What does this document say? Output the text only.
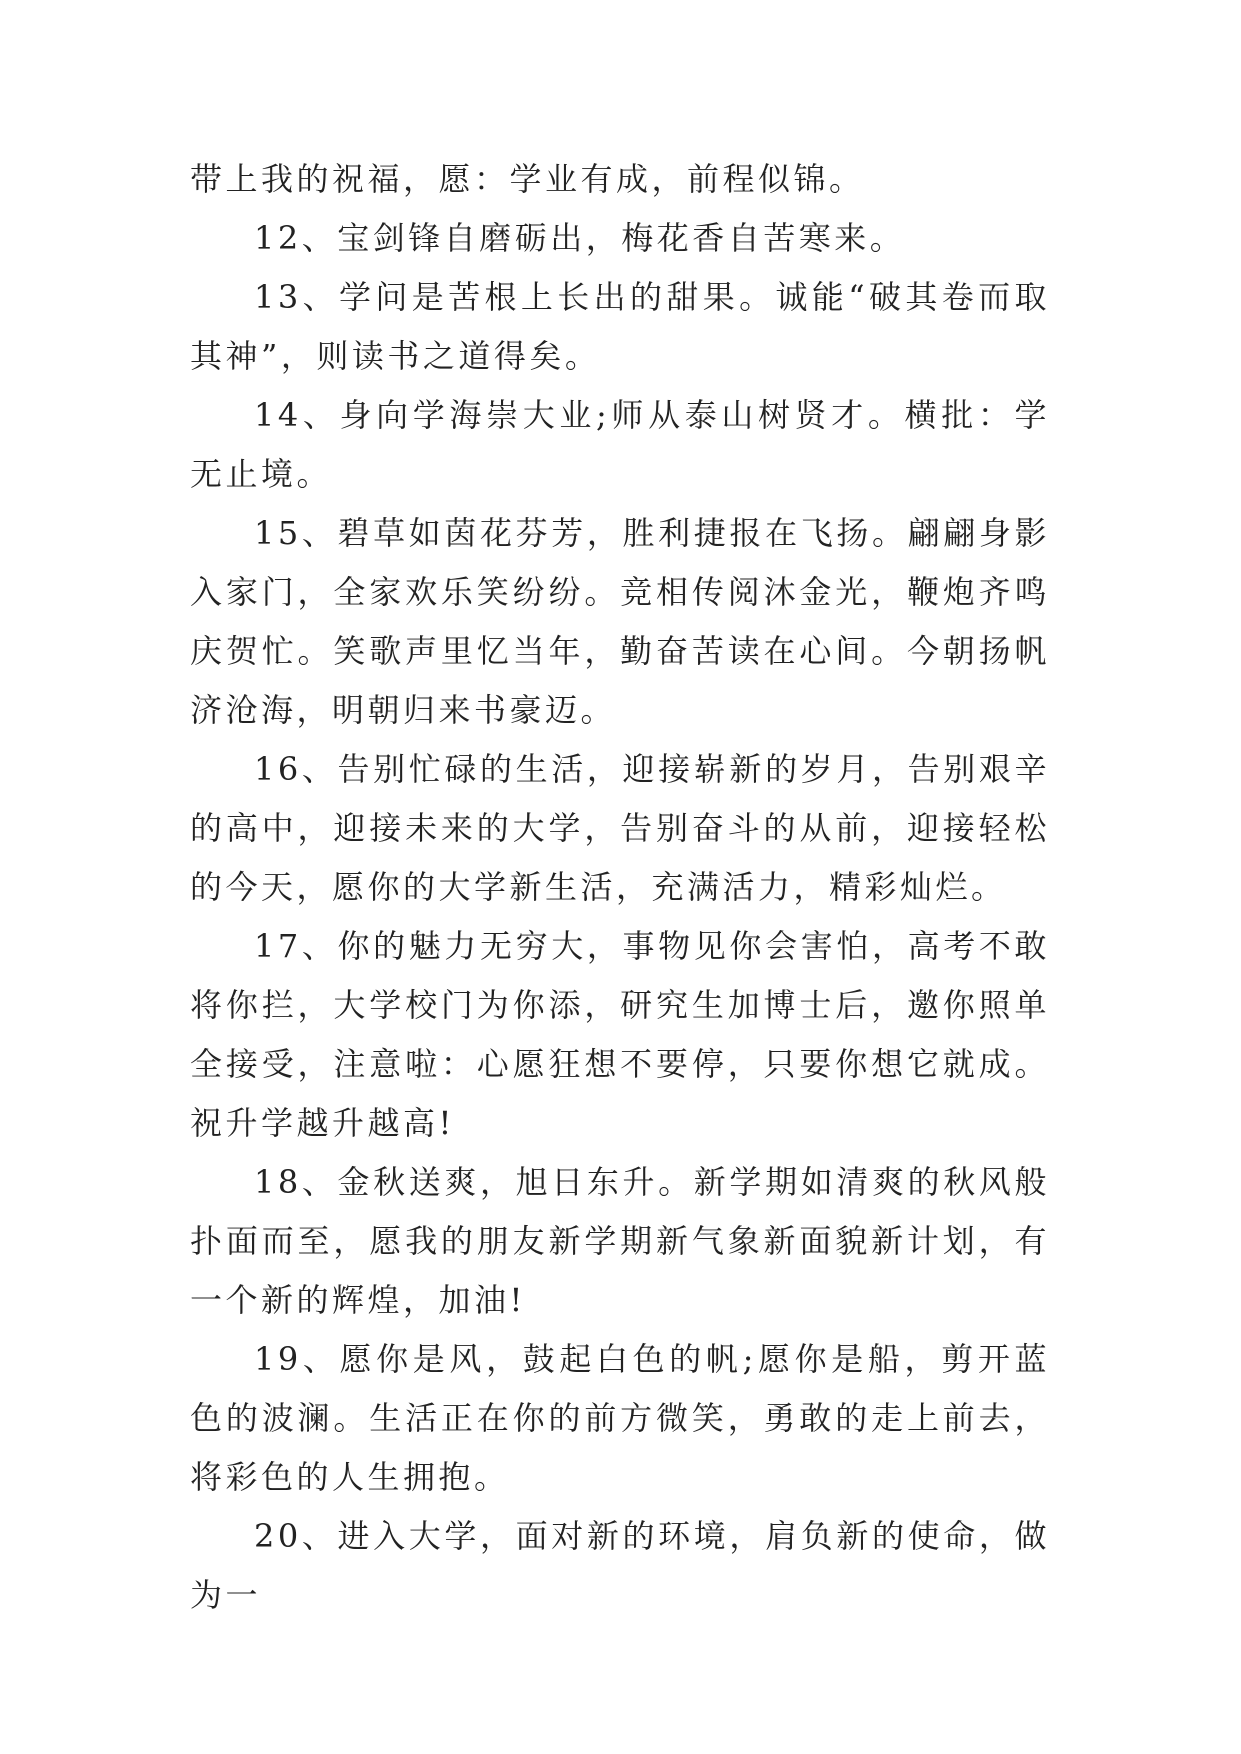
带上我的祝福，愿：学业有成，前程似锦。

12、宝剑锋自磨砺出，梅花香自苦寒来。

13、学问是苦根上长出的甜果。诚能“破其卷而取其神”，则读书之道得矣。

14、身向学海崇大业;师从泰山树贤才。横批：学无止境。

15、碧草如茵花芬芳，胜利捷报在飞扬。翩翩身影入家门，全家欢乐笑纷纷。竞相传阅沐金光，鞭炮齐鸣庆贺忙。笑歌声里忆当年，勤奋苦读在心间。今朝扬帆济沧海，明朝归来书豪迈。

16、告别忙碌的生活，迎接崭新的岁月，告别艰辛的高中，迎接未来的大学，告别奋斗的从前，迎接轻松的今天，愿你的大学新生活，充满活力，精彩灿烂。

17、你的魅力无穷大，事物见你会害怕，高考不敢将你拦，大学校门为你添，研究生加博士后，邀你照单全接受，注意啦：心愿狂想不要停，只要你想它就成。祝升学越升越高!

18、金秋送爽，旭日东升。新学期如清爽的秋风般扑面而至，愿我的朋友新学期新气象新面貌新计划，有一个新的辉煌，加油!

19、愿你是风，鼓起白色的帆;愿你是船，剪开蓝色的波澜。生活正在你的前方微笑，勇敢的走上前去，将彩色的人生拥抱。

20、进入大学，面对新的环境，肩负新的使命，做为一
